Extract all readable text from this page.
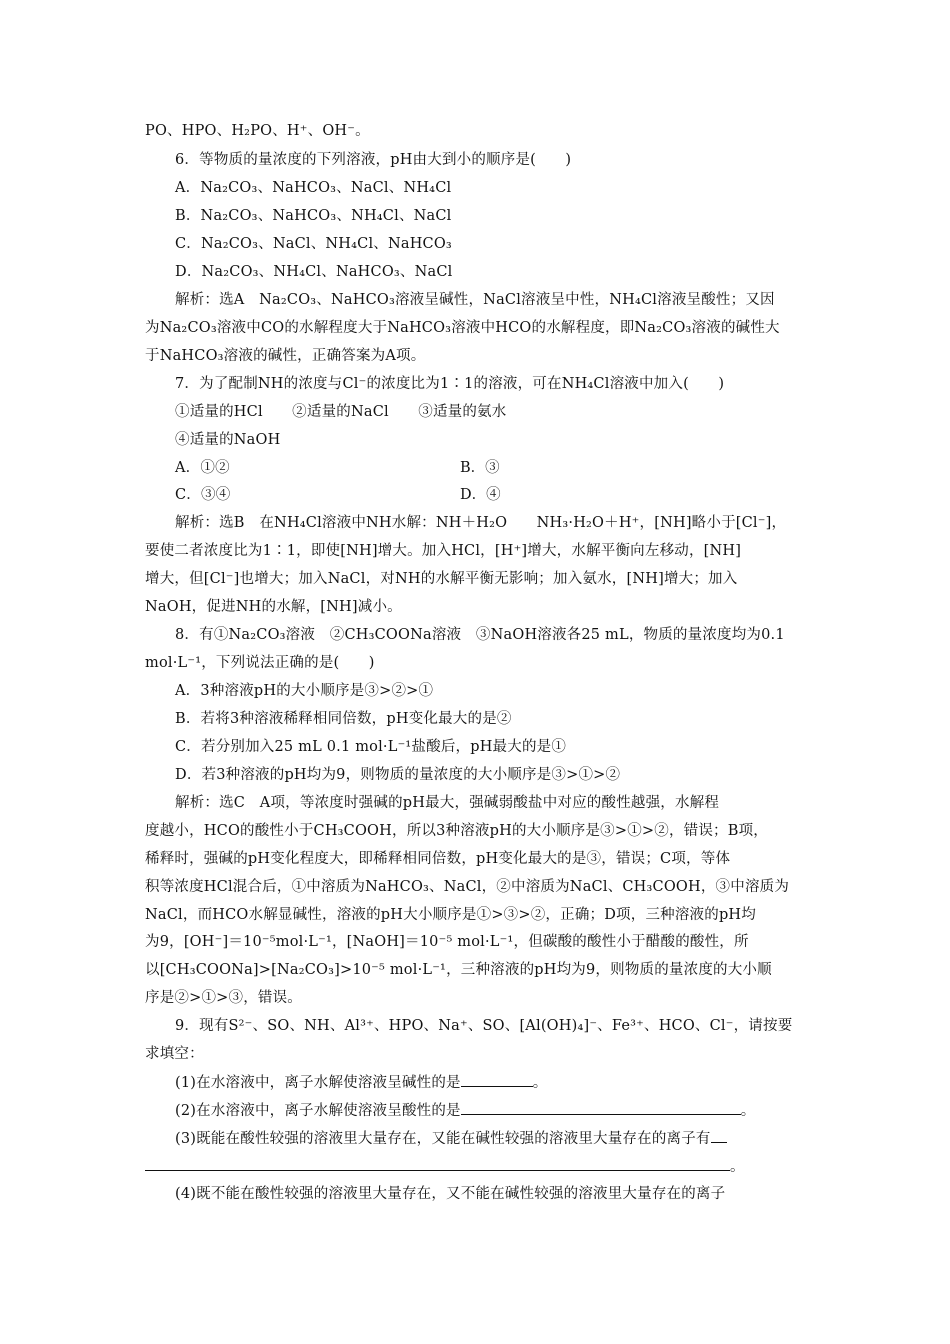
PO、HPO、H₂PO、H⁺、OH⁻。
6．等物质的量浓度的下列溶液，pH由大到小的顺序是(　　)
A．Na₂CO₃、NaHCO₃、NaCl、NH₄Cl
B．Na₂CO₃、NaHCO₃、NH₄Cl、NaCl
C．Na₂CO₃、NaCl、NH₄Cl、NaHCO₃
D．Na₂CO₃、NH₄Cl、NaHCO₃、NaCl
解析：选A　Na₂CO₃、NaHCO₃溶液呈碱性，NaCl溶液呈中性，NH₄Cl溶液呈酸性；又因
为Na₂CO₃溶液中CO的水解程度大于NaHCO₃溶液中HCO的水解程度，即Na₂CO₃溶液的碱性大
于NaHCO₃溶液的碱性，正确答案为A项。
7．为了配制NH的浓度与Cl⁻的浓度比为1∶1的溶液，可在NH₄Cl溶液中加入(　　)
①适量的HCl　　②适量的NaCl　　③适量的氨水
④适量的NaOH
A．①②	B．③
C．③④	D．④
解析：选B　在NH₄Cl溶液中NH水解：NH＋H₂O　　NH₃·H₂O＋H⁺，[NH]略小于[Cl⁻]，
要使二者浓度比为1∶1，即使[NH]增大。加入HCl，[H⁺]增大，水解平衡向左移动，[NH]
增大，但[Cl⁻]也增大；加入NaCl，对NH的水解平衡无影响；加入氨水，[NH]增大；加入
NaOH，促进NH的水解，[NH]减小。
8．有①Na₂CO₃溶液　②CH₃COONa溶液　③NaOH溶液各25 mL，物质的量浓度均为0.1
mol·L⁻¹，下列说法正确的是(　　)
A．3种溶液pH的大小顺序是③>②>①
B．若将3种溶液稀释相同倍数，pH变化最大的是②
C．若分别加入25 mL 0.1 mol·L⁻¹盐酸后，pH最大的是①
D．若3种溶液的pH均为9，则物质的量浓度的大小顺序是③>①>②
解析：选C　A项，等浓度时强碱的pH最大，强碱弱酸盐中对应的酸性越强，水解程
度越小，HCO的酸性小于CH₃COOH，所以3种溶液pH的大小顺序是③>①>②，错误；B项，
稀释时，强碱的pH变化程度大，即稀释相同倍数，pH变化最大的是③，错误；C项，等体
积等浓度HCl混合后，①中溶质为NaHCO₃、NaCl，②中溶质为NaCl、CH₃COOH，③中溶质为
NaCl，而HCO水解显碱性，溶液的pH大小顺序是①>③>②，正确；D项，三种溶液的pH均
为9，[OH⁻]＝10⁻⁵mol·L⁻¹，[NaOH]＝10⁻⁵ mol·L⁻¹，但碳酸的酸性小于醋酸的酸性，所
以[CH₃COONa]>[Na₂CO₃]>10⁻⁵ mol·L⁻¹，三种溶液的pH均为9，则物质的量浓度的大小顺
序是②>①>③，错误。
9．现有S²⁻、SO、NH、Al³⁺、HPO、Na⁺、SO、[Al(OH)₄]⁻、Fe³⁺、HCO、Cl⁻，请按要
求填空：
(1)在水溶液中，离子水解使溶液呈碱性的是	。
(2)在水溶液中，离子水解使溶液呈酸性的是	。
(3)既能在酸性较强的溶液里大量存在，又能在碱性较强的溶液里大量存在的离子有
。
(4)既不能在酸性较强的溶液里大量存在，又不能在碱性较强的溶液里大量存在的离子
